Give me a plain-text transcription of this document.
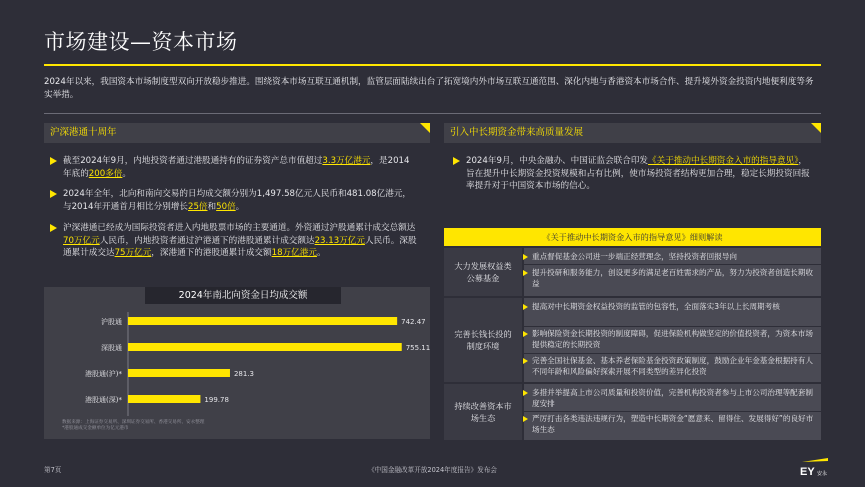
市场建设—资本市场
2024年以来，我国资本市场制度型双向开放稳步推进。围绕资本市场互联互通机制，监管层面陆续出台了拓宽境内外市场互联互通范围、深化内地与香港资本市场合作、提升境外资金投资内地便利度等务实举措。
沪深港通十周年
截至2024年9月，内地投资者通过港股通持有的证券资产总市值超过3.3万亿港元，是2014年底的200多倍。
2024年全年，北向和南向交易的日均成交额分别为1,497.58亿元人民币和481.08亿港元，与2014年开通首月相比分别增长25倍和50倍。
沪深港通已经成为国际投资者进入内地股票市场的主要通道。外资通过沪股通累计成交总额达70万亿元人民币，内地投资者通过沪港通下的港股通累计成交额达23.13万亿元人民币。深股通累计成交达75万亿元，深港通下的港股通累计成交额18万亿港元。
2024年南北向资金日均成交额
沪股通	742.47
深股通	755.11
港股通(沪)*	281.3
港股通(深)*	199.78
数据来源：上海证券交易所、深圳证券交易所、香港交易所、安永整理
*港股通成交金额单位为亿元港币
引入中长期资金带来高质量发展
2024年9月，中央金融办、中国证监会联合印发《关于推动中长期资金入市的指导意见》，旨在提升中长期资金投资规模和占有比例，使市场投资者结构更加合理，稳定长期投资回报率提升对于中国资本市场的信心。
《关于推动中长期资金入市的指导意见》细则解读
大力发展权益类公募基金
重点督促基金公司进一步端正经营理念，坚持投资者回报导向
提升投研和服务能力，创设更多的满足老百姓需求的产品，努力为投资者创造长期收益
完善长钱长投的制度环境
提高对中长期资金权益投资的监管的包容性，全面落实3年以上长周期考核
影响保险资金长期投资的制度障碍，促进保险机构做坚定的价值投资者，为资本市场提供稳定的长期投资
完善全国社保基金、基本养老保险基金投资政策制度，鼓励企业年金基金根据持有人不同年龄和风险偏好探索开展不同类型的差异化投资
持续改善资本市场生态
多措并举提高上市公司质量和投资价值，完善机构投资者参与上市公司治理等配套制度安排
严厉打击各类违法违规行为，塑造中长期资金“愿意来、留得住、发展得好”的良好市场生态
第7页	《中国金融改革开放2024年度报告》发布会	EY 安永
